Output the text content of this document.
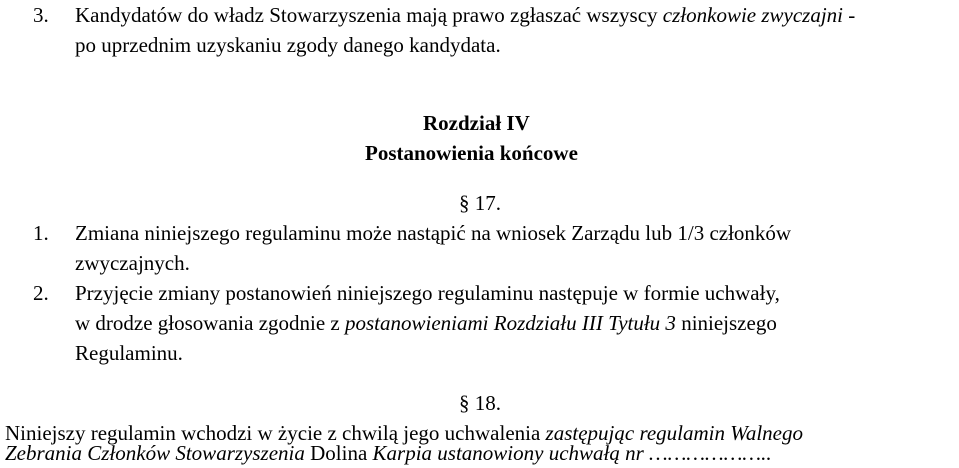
3. Kandydatów do władz Stowarzyszenia mają prawo zgłaszać wszyscy członkowie zwyczajni -
po uprzednim uzyskaniu zgody danego kandydata.
Rozdział IV
Postanowienia końcowe
§ 17.
1. Zmiana niniejszego regulaminu może nastąpić na wniosek Zarządu lub 1/3 członków
zwyczajnych.
2. Przyjęcie zmiany postanowień niniejszego regulaminu następuje w formie uchwały,
w drodze głosowania zgodnie z postanowieniami Rozdziału III Tytułu 3 niniejszego
Regulaminu.
§ 18.
Niniejszy regulamin wchodzi w życie z chwilą jego uchwalenia zastępując regulamin Walnego
Zebrania Członków Stowarzyszenia Dolina Karpia ustanowiony uchwałą nr ………………..
